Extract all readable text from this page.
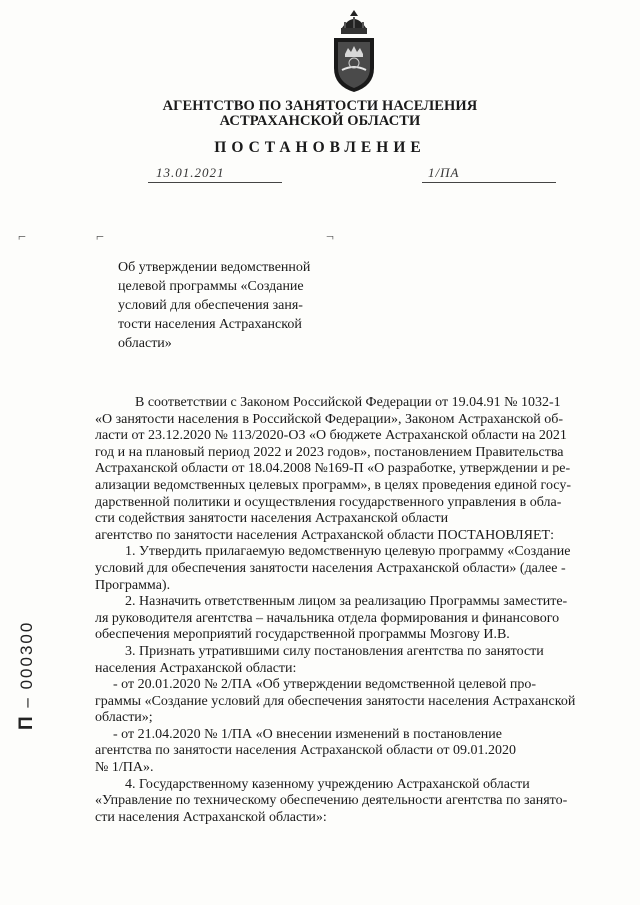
АГЕНТСТВО ПО ЗАНЯТОСТИ НАСЕЛЕНИЯ
АСТРАХАНСКОЙ ОБЛАСТИ
ПОСТАНОВЛЕНИЕ
13.01.2021	1/ПА
⌐	⌐	¬
Об утверждении ведомственной
целевой программы «Создание
условий для обеспечения заня-
тости населения Астраханской
области»
В соответствии с Законом Российской Федерации от 19.04.91 № 1032-1
«О занятости населения в Российской Федерации», Законом Астраханской об-
ласти от 23.12.2020 № 113/2020-ОЗ «О бюджете Астраханской области на 2021
год и на плановый период 2022 и 2023 годов», постановлением Правительства
Астраханской области от 18.04.2008 №169-П «О разработке, утверждении и ре-
ализации ведомственных целевых программ», в целях проведения единой госу-
дарственной политики и осуществления государственного управления в обла-
сти содействия занятости населения Астраханской области
агентство по занятости населения Астраханской области ПОСТАНОВЛЯЕТ:
1. Утвердить прилагаемую ведомственную целевую программу «Создание
условий для обеспечения занятости населения Астраханской области» (далее -
Программа).
2. Назначить ответственным лицом за реализацию Программы заместите-
ля руководителя агентства – начальника отдела формирования и финансового
обеспечения мероприятий государственной программы Мозгову И.В.
3. Признать утратившими силу постановления агентства по занятости
населения Астраханской области:
- от 20.01.2020 № 2/ПА «Об утверждении ведомственной целевой про-
граммы «Создание условий для обеспечения занятости населения Астраханской
области»;
- от 21.04.2020 № 1/ПА «О внесении изменений в постановление
агентства по занятости населения Астраханской области от 09.01.2020
№ 1/ПА».
4. Государственному казенному учреждению Астраханской области
«Управление по техническому обеспечению деятельности агентства по занято-
сти населения Астраханской области»:
П – 000300
